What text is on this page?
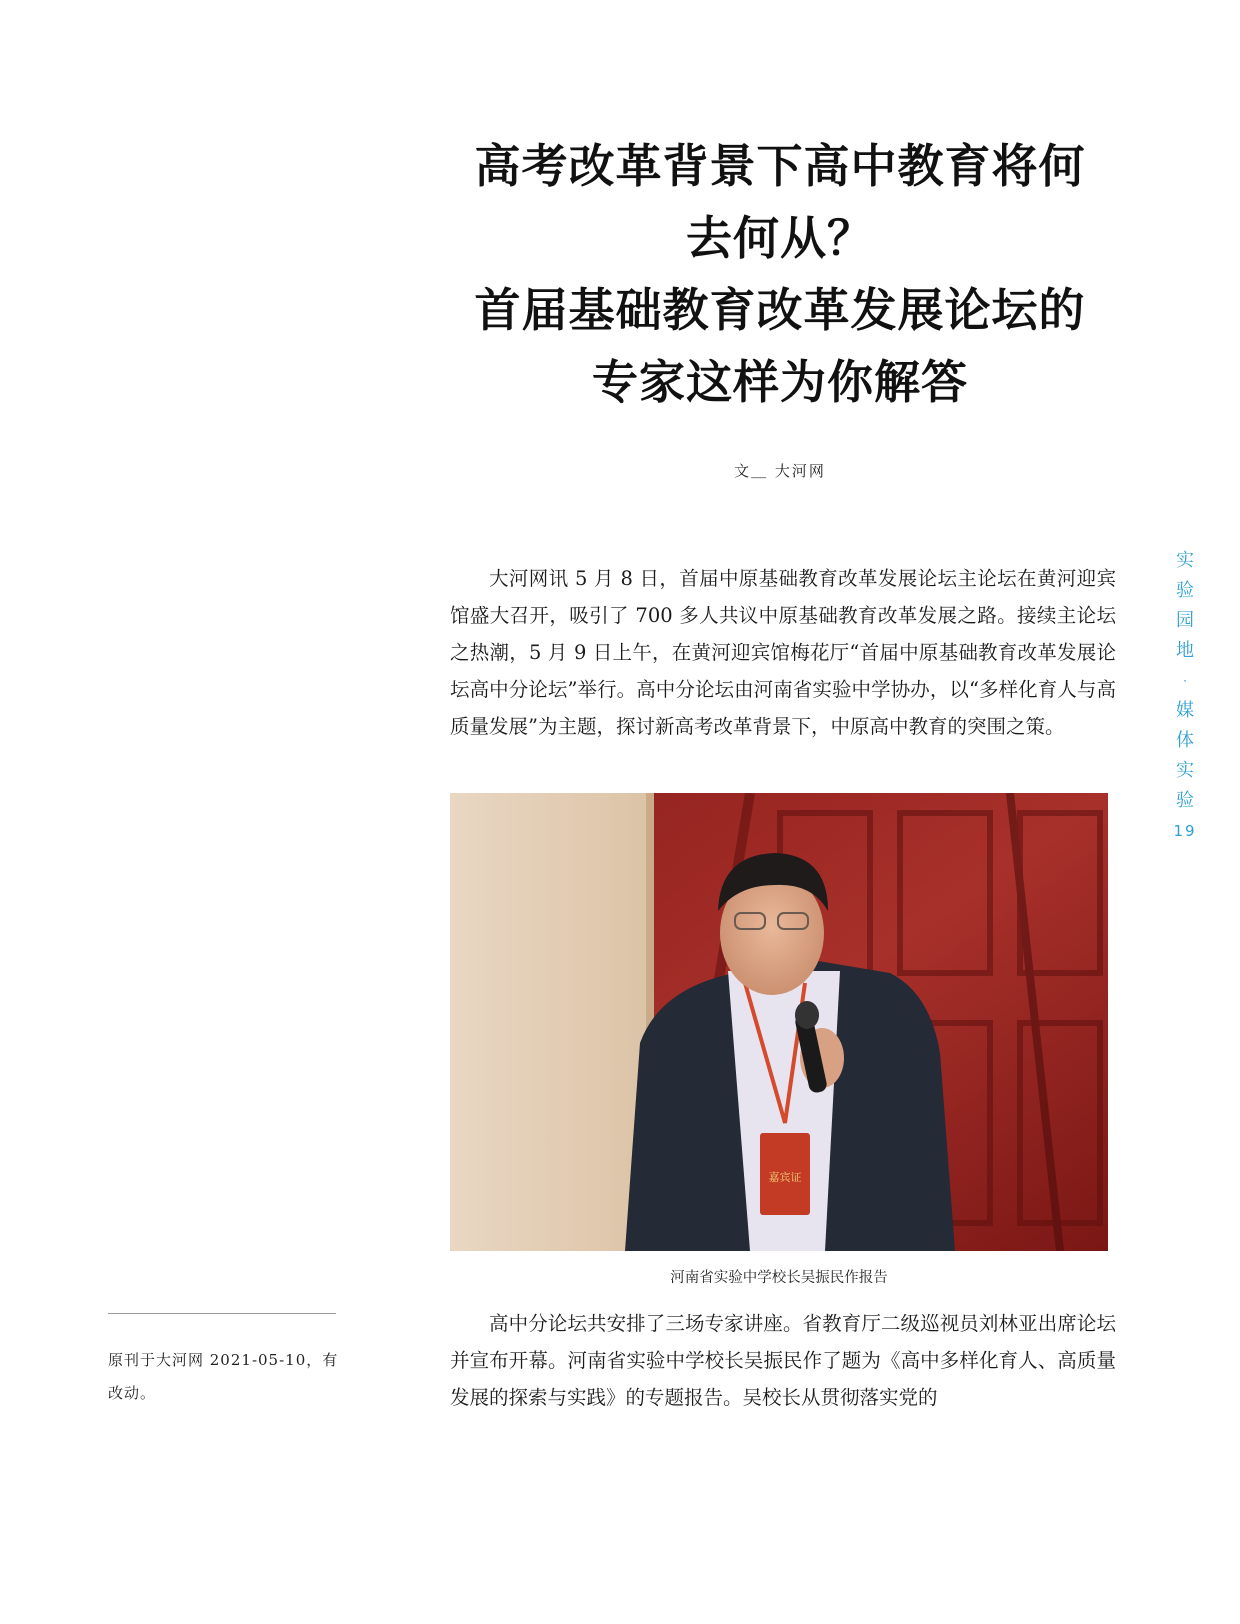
高考改革背景下高中教育将何
去何从？
首届基础教育改革发展论坛的
专家这样为你解答
文＿ 大河网

大河网讯 5 月 8 日，首届中原基础教育改革发展论坛主论坛在黄河迎宾馆盛大召开，吸引了 700 多人共议中原基础教育改革发展之路。接续主论坛之热潮，5 月 9 日上午，在黄河迎宾馆梅花厅“首届中原基础教育改革发展论坛高中分论坛”举行。高中分论坛由河南省实验中学协办，以“多样化育人与高质量发展”为主题，探讨新高考改革背景下，中原高中教育的突围之策。

嘉宾证
河南省实验中学校长吴振民作报告

高中分论坛共安排了三场专家讲座。省教育厅二级巡视员刘林亚出席论坛并宣布开幕。河南省实验中学校长吴振民作了题为《高中多样化育人、高质量发展的探索与实践》的专题报告。吴校长从贯彻落实党的

原刊于大河网 2021-05-10，有改动。
实
验
园
地
·
媒
体
实
验
19
